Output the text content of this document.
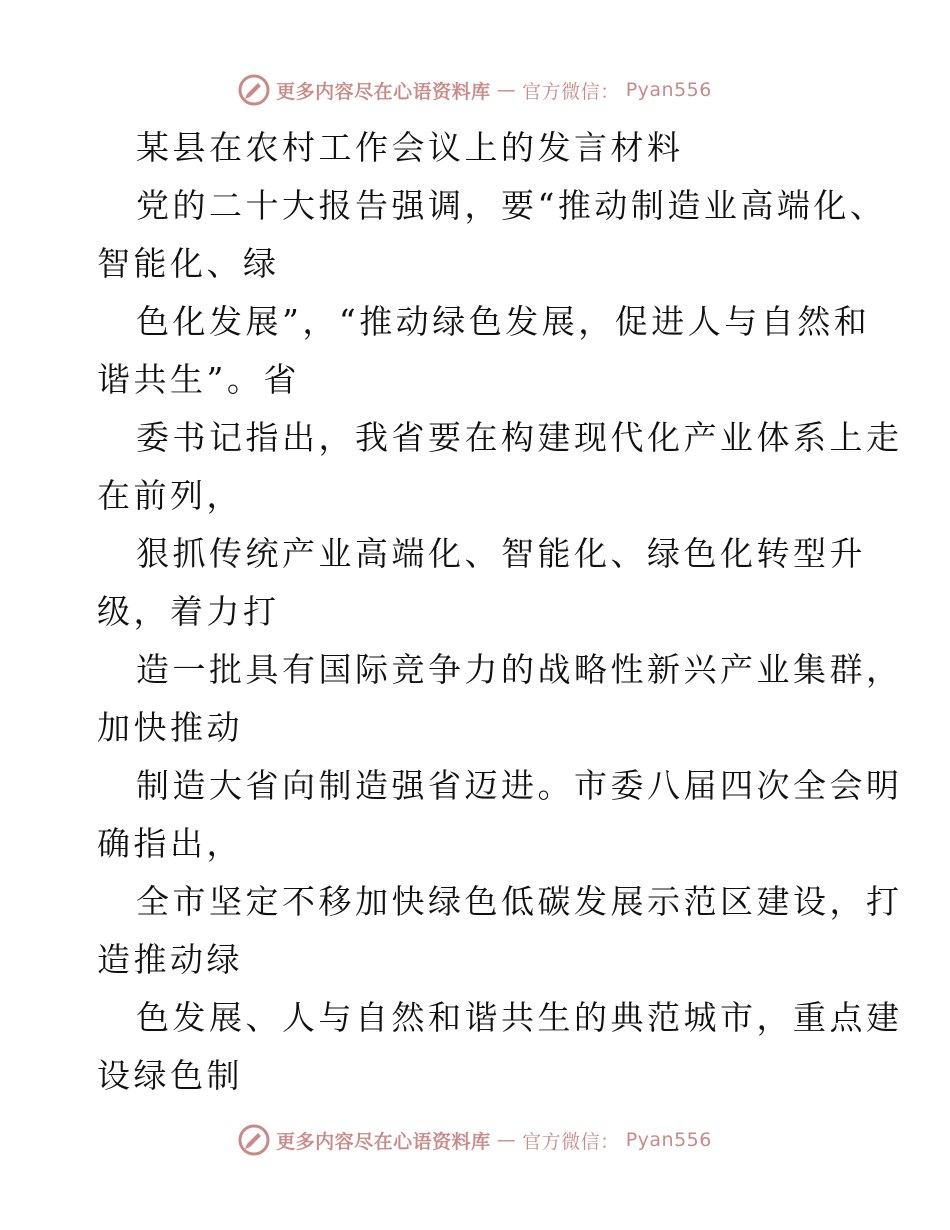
更多内容尽在心语资料库 — 官方微信： Pyan556
某县在农村工作会议上的发言材料
党的二十大报告强调，要“推动制造业高端化、
智能化、绿
色化发展”，“推动绿色发展，促进人与自然和
谐共生”。省
委书记指出，我省要在构建现代化产业体系上走
在前列，
狠抓传统产业高端化、智能化、绿色化转型升
级，着力打
造一批具有国际竞争力的战略性新兴产业集群，
加快推动
制造大省向制造强省迈进。市委八届四次全会明
确指出，
全市坚定不移加快绿色低碳发展示范区建设，打
造推动绿
色发展、人与自然和谐共生的典范城市，重点建
设绿色制
更多内容尽在心语资料库 — 官方微信： Pyan556
